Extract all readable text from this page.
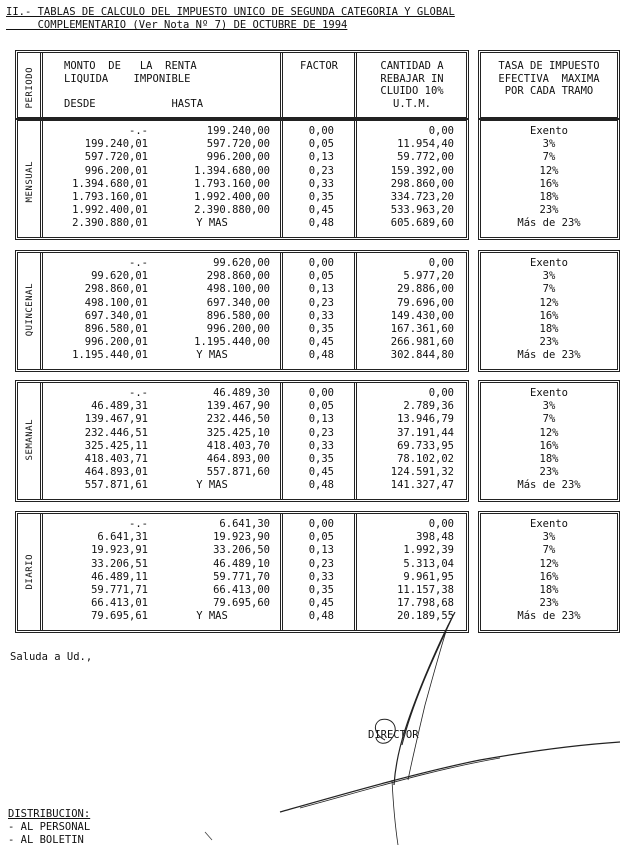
II.- TABLAS DE CALCULO DEL IMPUESTO UNICO DE SEGUNDA CATEGORIA Y GLOBAL
COMPLEMENTARIO (Ver Nota Nº 7) DE OCTUBRE DE 1994
PERIODO
MONTO  DE   LA  RENTA
LIQUIDA    IMPONIBLE

DESDE            HASTA
FACTOR	CANTIDAD A
REBAJAR IN
CLUIDO 10%
U.T.M.
TASA DE IMPUESTO
EFECTIVA  MAXIMA
POR CADA TRAMO
MENSUAL
-.-
199.240,01
597.720,01
996.200,01
1.394.680,01
1.793.160,01
1.992.400,01
2.390.880,01
199.240,00
597.720,00
996.200,00
1.394.680,00
1.793.160,00
1.992.400,00
2.390.880,00
Y MAS
0,00
0,05
0,13
0,23
0,33
0,35
0,45
0,48
0,00
11.954,40
59.772,00
159.392,00
298.860,00
334.723,20
533.963,20
605.689,60
Exento
3%
7%
12%
16%
18%
23%
Más de 23%
QUINCENAL
-.-
99.620,01
298.860,01
498.100,01
697.340,01
896.580,01
996.200,01
1.195.440,01
99.620,00
298.860,00
498.100,00
697.340,00
896.580,00
996.200,00
1.195.440,00
Y MAS
0,00
0,05
0,13
0,23
0,33
0,35
0,45
0,48
0,00
5.977,20
29.886,00
79.696,00
149.430,00
167.361,60
266.981,60
302.844,80
Exento
3%
7%
12%
16%
18%
23%
Más de 23%
SEMANAL
-.-
46.489,31
139.467,91
232.446,51
325.425,11
418.403,71
464.893,01
557.871,61
46.489,30
139.467,90
232.446,50
325.425,10
418.403,70
464.893,00
557.871,60
Y MAS
0,00
0,05
0,13
0,23
0,33
0,35
0,45
0,48
0,00
2.789,36
13.946,79
37.191,44
69.733,95
78.102,02
124.591,32
141.327,47
Exento
3%
7%
12%
16%
18%
23%
Más de 23%
DIARIO
-.-
6.641,31
19.923,91
33.206,51
46.489,11
59.771,71
66.413,01
79.695,61
6.641,30
19.923,90
33.206,50
46.489,10
59.771,70
66.413,00
79.695,60
Y MAS
0,00
0,05
0,13
0,23
0,33
0,35
0,45
0,48
0,00
398,48
1.992,39
5.313,04
9.961,95
11.157,38
17.798,68
20.189,55
Exento
3%
7%
12%
16%
18%
23%
Más de 23%
Saluda a Ud.,
DIRECTOR
DISTRIBUCION:
- AL PERSONAL
- AL BOLETIN
